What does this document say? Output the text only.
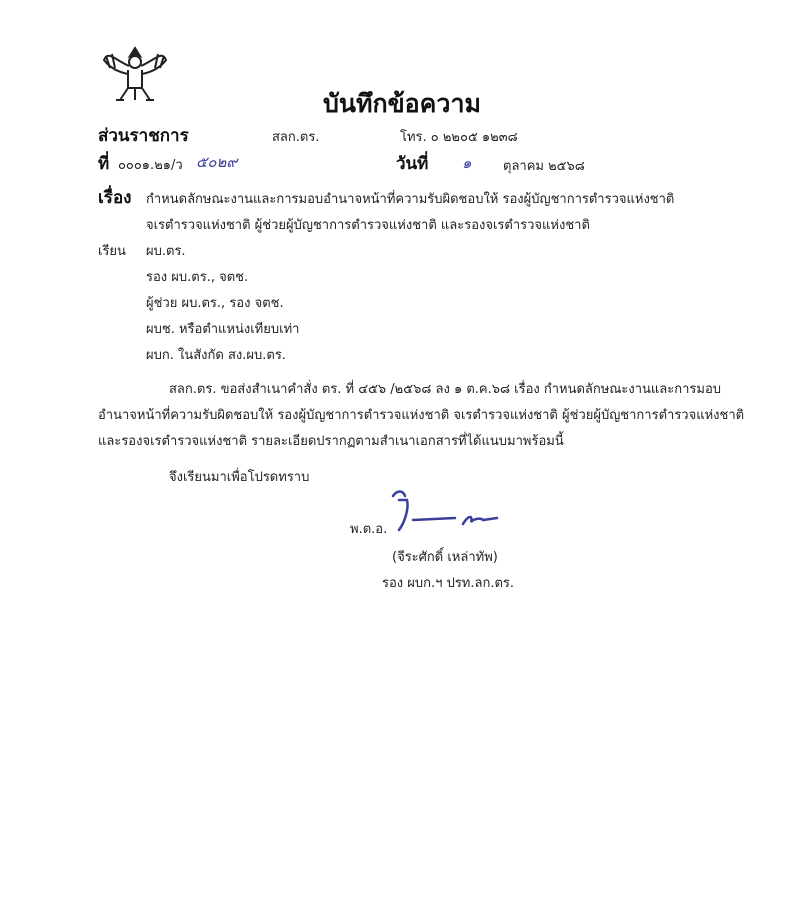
บันทึกข้อความ
ส่วนราชการ	สลก.ตร.	โทร. ๐ ๒๒๐๕ ๑๒๓๘
ที่ ๐๐๐๑.๒๑/ว ๕๐๒๙	วันที่ ๑ ตุลาคม ๒๕๖๘
เรื่อง กำหนดลักษณะงานและการมอบอำนาจหน้าที่ความรับผิดชอบให้ รองผู้บัญชาการตำรวจแห่งชาติ
จเรตำรวจแห่งชาติ ผู้ช่วยผู้บัญชาการตำรวจแห่งชาติ และรองจเรตำรวจแห่งชาติ
เรียน ผบ.ตร.
รอง ผบ.ตร., จตช.
ผู้ช่วย ผบ.ตร., รอง จตช.
ผบช. หรือตำแหน่งเทียบเท่า
ผบก. ในสังกัด สง.ผบ.ตร.
สลก.ตร. ขอส่งสำเนาคำสั่ง ตร. ที่ ๔๕๖ /๒๕๖๘ ลง ๑ ต.ค.๖๘ เรื่อง กำหนดลักษณะงานและการมอบ
อำนาจหน้าที่ความรับผิดชอบให้ รองผู้บัญชาการตำรวจแห่งชาติ จเรตำรวจแห่งชาติ ผู้ช่วยผู้บัญชาการตำรวจแห่งชาติ
และรองจเรตำรวจแห่งชาติ รายละเอียดปรากฏตามสำเนาเอกสารที่ได้แนบมาพร้อมนี้
จึงเรียนมาเพื่อโปรดทราบ
พ.ต.อ.
(จีระศักดิ์ เหล่าทัพ)
รอง ผบก.ฯ ปรท.ลก.ตร.
